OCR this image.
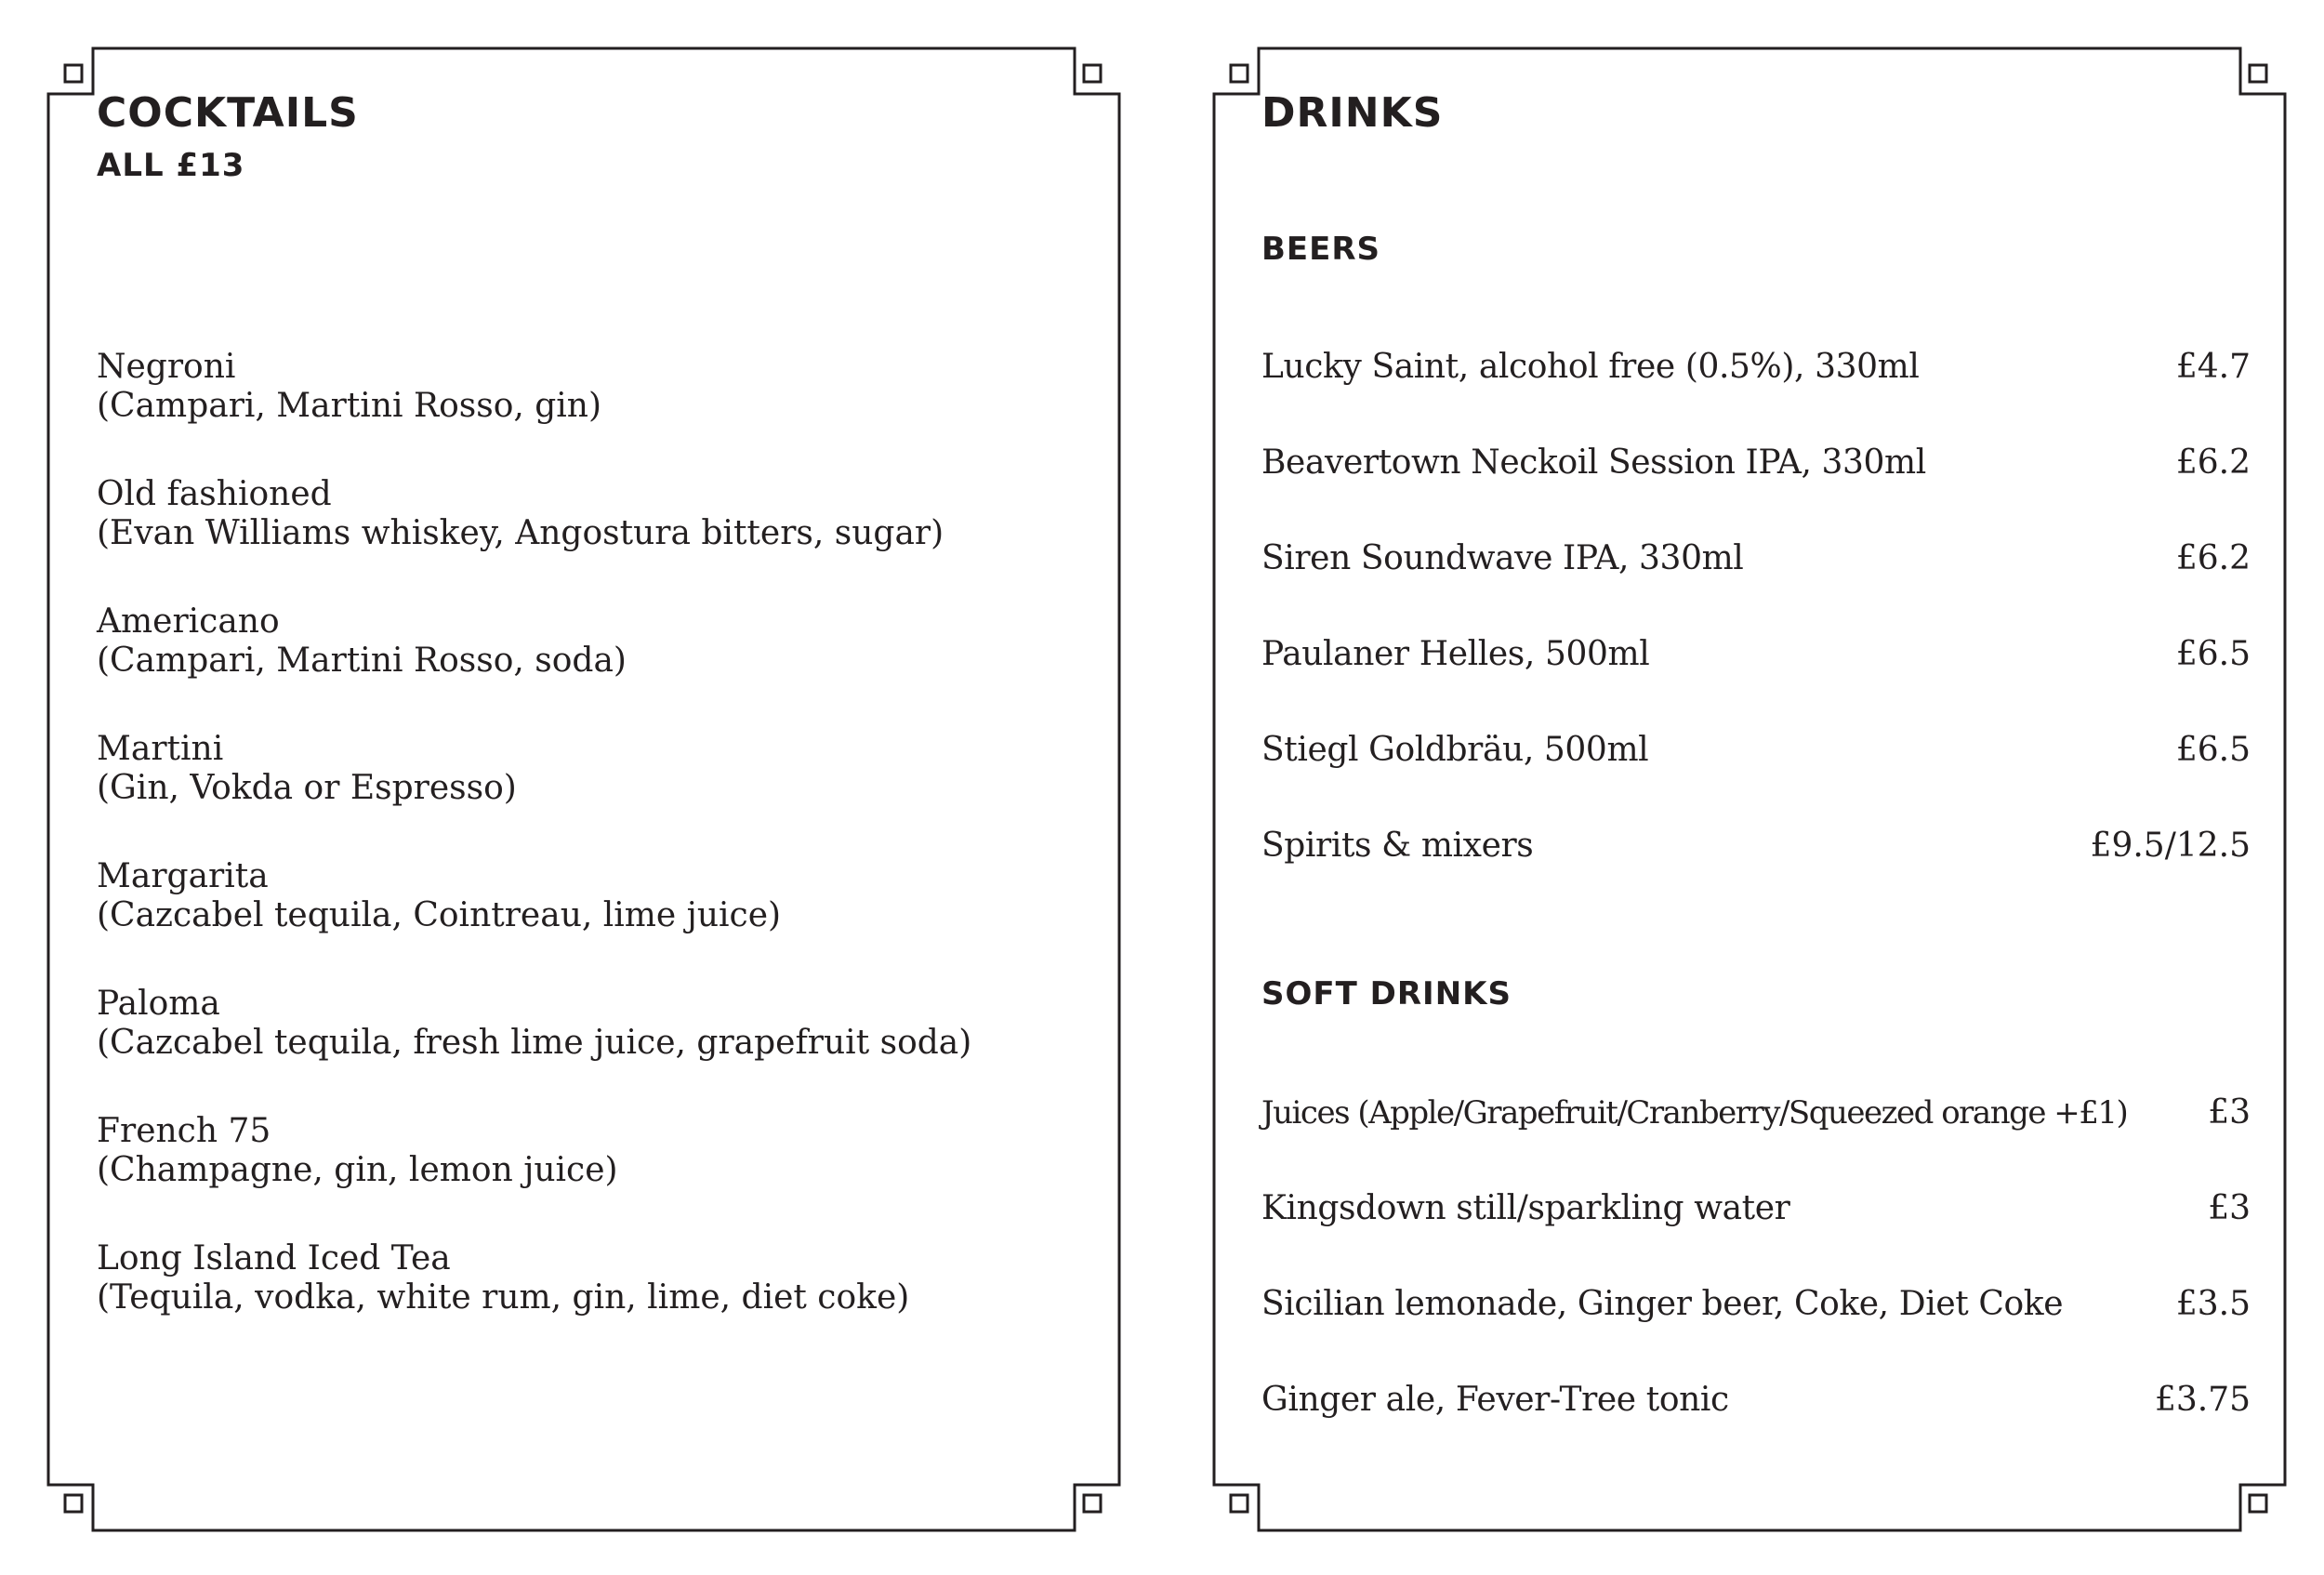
COCKTAILS
ALL £13
Negroni
(Campari, Martini Rosso, gin)
Old fashioned
(Evan Williams whiskey, Angostura bitters, sugar)
Americano
(Campari, Martini Rosso, soda)
Martini
(Gin, Vokda or Espresso)
Margarita
(Cazcabel tequila, Cointreau, lime juice)
Paloma
(Cazcabel tequila, fresh lime juice, grapefruit soda)
French 75
(Champagne, gin, lemon juice)
Long Island Iced Tea
(Tequila, vodka, white rum, gin, lime, diet coke)
DRINKS
BEERS
Lucky Saint, alcohol free (0.5%), 330ml	£4.7
Beavertown Neckoil Session IPA, 330ml	£6.2
Siren Soundwave IPA, 330ml	£6.2
Paulaner Helles, 500ml	£6.5
Stiegl Goldbräu, 500ml	£6.5
Spirits & mixers	£9.5/12.5
SOFT DRINKS
Juices (Apple/Grapefruit/Cranberry/Squeezed orange +£1) £3
Kingsdown still/sparkling water	£3
Sicilian lemonade, Ginger beer, Coke, Diet Coke	£3.5
Ginger ale, Fever-Tree tonic	£3.75
